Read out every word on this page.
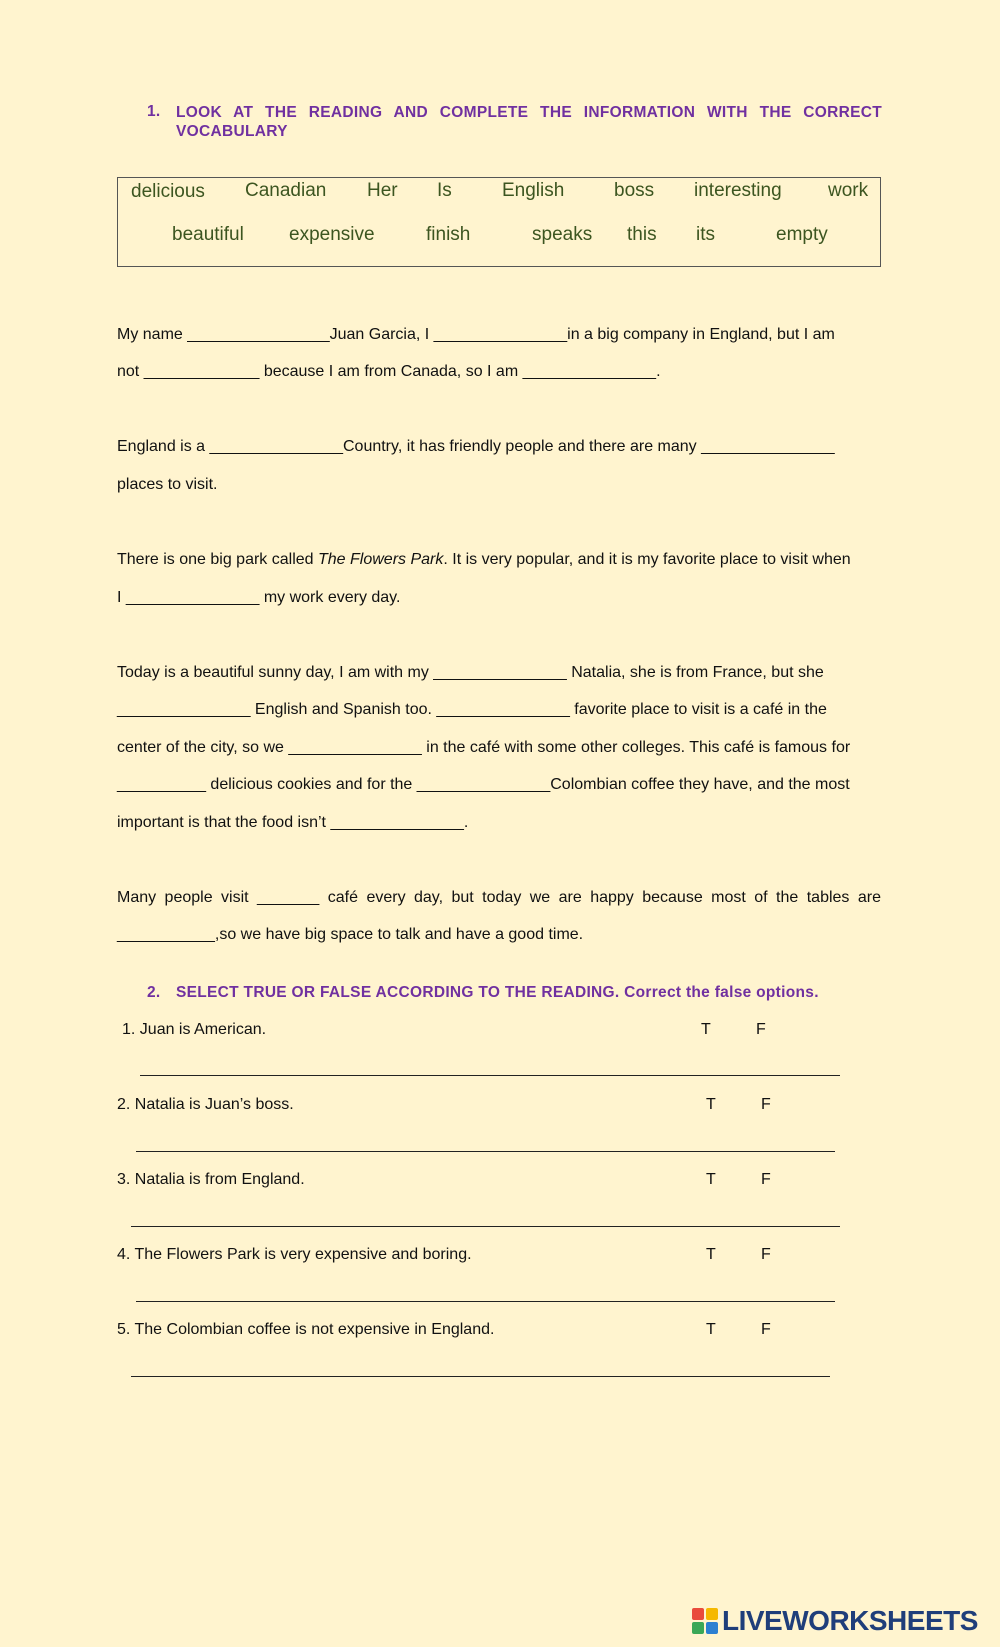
1. LOOK AT THE READING AND COMPLETE THE INFORMATION WITH THE CORRECT VOCABULARY
delicious Canadian Her Is	English	boss interesting work
beautiful expensive	finish	speaks this its	empty
My name ________________Juan Garcia, I _______________in a big company in England, but I am
not _____________ because I am from Canada, so I am _______________.
England is a _______________Country, it has friendly people and there are many _______________
places to visit.
There is one big park called The Flowers Park. It is very popular, and it is my favorite place to visit when
I _______________ my work every day.
Today is a beautiful sunny day, I am with my _______________ Natalia, she is from France, but she
_______________ English and Spanish too. _______________ favorite place to visit is a café in the
center of the city, so we _______________ in the café with some other colleges. This café is famous for
__________ delicious cookies and for the _______________Colombian coffee they have, and the most
important is that the food isn’t _______________.
Many people visit _______ café every day, but today we are happy because most of the tables are
___________,so we have big space to talk and have a good time.
2. SELECT TRUE OR FALSE ACCORDING TO THE READING. Correct the false options.
1. Juan is American.	T	F
2. Natalia is Juan’s boss.	T	F
3. Natalia is from England.	T	F
4. The Flowers Park is very expensive and boring.	T	F
5. The Colombian coffee is not expensive in England.	T	F
LIVEWORKSHEETS
